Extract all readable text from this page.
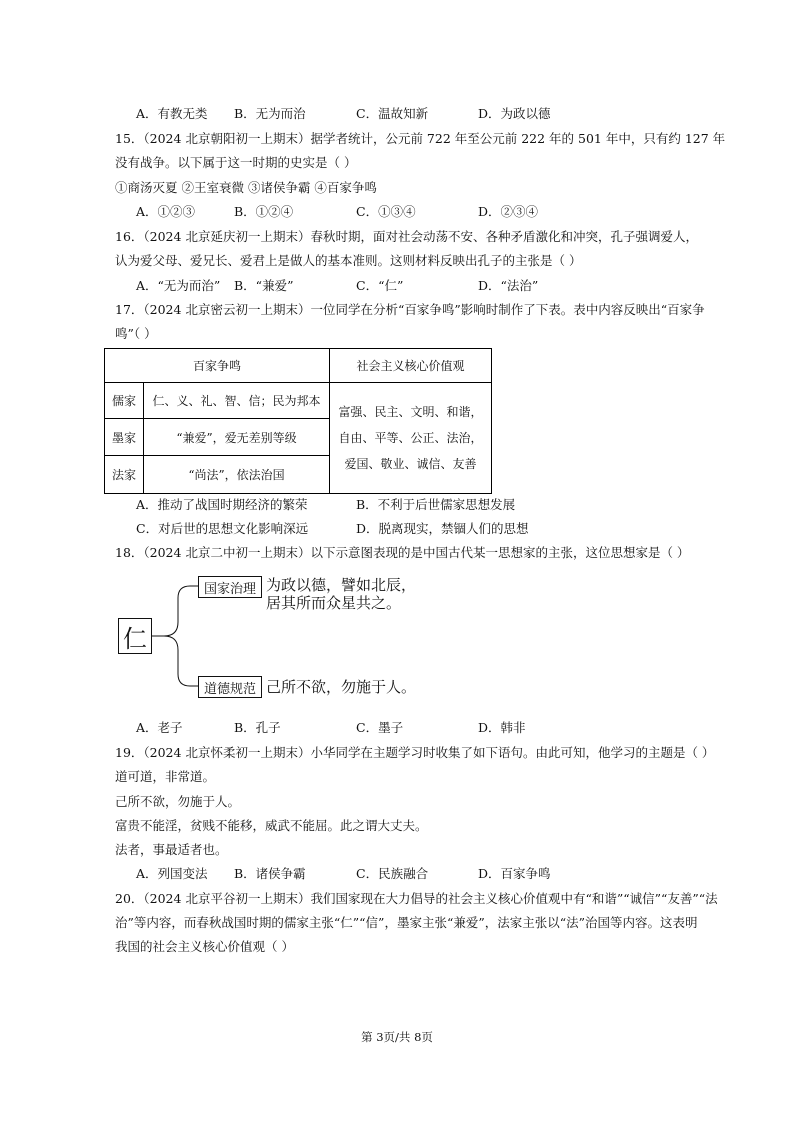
A．有教无类	B．无为而治	C．温故知新	D．为政以德
15．（2024 北京朝阳初一上期末）据学者统计，公元前 722 年至公元前 222 年的 501 年中，只有约 127 年
没有战争。以下属于这一时期的史实是（ ）
①商汤灭夏 ②王室衰微 ③诸侯争霸 ④百家争鸣
A．①②③	B．①②④	C．①③④	D．②③④
16．（2024 北京延庆初一上期末）春秋时期，面对社会动荡不安、各种矛盾激化和冲突，孔子强调爱人，
认为爱父母、爱兄长、爱君上是做人的基本准则。这则材料反映出孔子的主张是（ ）
A．“无为而治”	B．“兼爱”	C．“仁”	D．“法治”
17．（2024 北京密云初一上期末）一位同学在分析“百家争鸣”影响时制作了下表。表中内容反映出“百家争
鸣”（ ）
百家争鸣	社会主义核心价值观
儒家	仁、义、礼、智、信；民为邦本
墨家	“兼爱”，爱无差别等级
法家	“尚法”，依法治国
富强、民主、文明、和谐，
自由、平等、公正、法治，
爱国、敬业、诚信、友善
A．推动了战国时期经济的繁荣	B．不利于后世儒家思想发展
C．对后世的思想文化影响深远	D．脱离现实，禁锢人们的思想
18．（2024 北京二中初一上期末）以下示意图表现的是中国古代某一思想家的主张，这位思想家是（ ）
仁
国家治理 为政以德，譬如北辰，
居其所而众星共之。
道德规范 己所不欲，勿施于人。
A．老子	B．孔子	C．墨子	D．韩非
19．（2024 北京怀柔初一上期末）小华同学在主题学习时收集了如下语句。由此可知，他学习的主题是（ ）
道可道，非常道。
己所不欲，勿施于人。
富贵不能淫，贫贱不能移，威武不能屈。此之谓大丈夫。
法者，事最适者也。
A．列国变法	B．诸侯争霸	C．民族融合	D．百家争鸣
20．（2024 北京平谷初一上期末）我们国家现在大力倡导的社会主义核心价值观中有“和谐”“诚信”“友善”“法
治”等内容，而春秋战国时期的儒家主张“仁”“信”，墨家主张“兼爱”，法家主张以“法”治国等内容。这表明
我国的社会主义核心价值观（ ）
第 3页/共 8页
